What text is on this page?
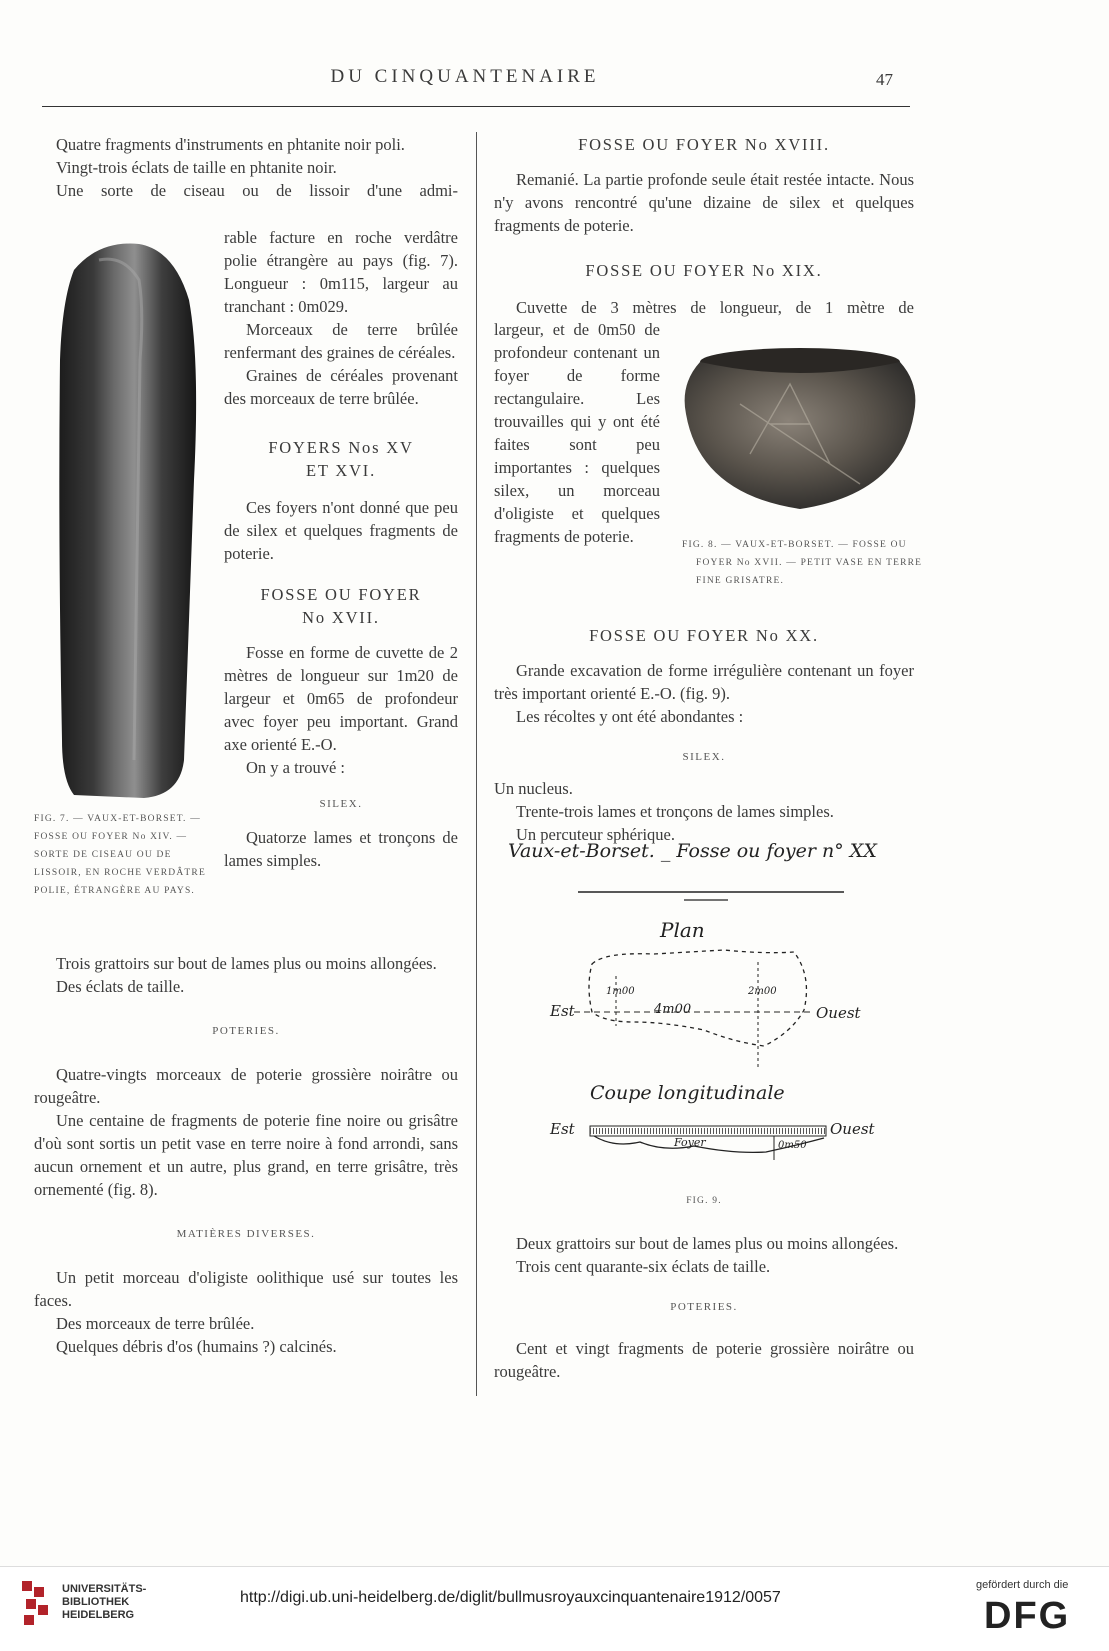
DU CINQUANTENAIRE	47

Quatre fragments d'instruments en phtanite noir poli.

Vingt-trois éclats de taille en phtanite noir.

Une sorte de ciseau ou de lissoir d'une admi-

rable facture en roche verdâtre polie étrangère au pays (fig. 7). Longueur : 0m115, largeur au tranchant : 0m029.

Morceaux de terre brûlée renfermant des graines de céréales.

Graines de céréales provenant des morceaux de terre brûlée.

FOYERS Nos XV
ET XVI.

Ces foyers n'ont donné que peu de silex et quelques fragments de poterie.

FOSSE OU FOYER
No XVII.

Fosse en forme de cuvette de 2 mètres de longueur sur 1m20 de largeur et 0m65 de profondeur avec foyer peu important. Grand axe orienté E.-O.

On y a trouvé :

SILEX.

Quatorze lames et tronçons de lames simples.

FIG. 7. — VAUX-ET-BORSET. — FOSSE OU FOYER No XIV. — SORTE DE CISEAU OU DE LISSOIR, EN ROCHE VERDÂTRE POLIE, ÉTRANGÈRE AU PAYS.

Trois grattoirs sur bout de lames plus ou moins allongées.

Des éclats de taille.

POTERIES.

Quatre-vingts morceaux de poterie grossière noirâtre ou rougeâtre.

Une centaine de fragments de poterie fine noire ou grisâtre d'où sont sortis un petit vase en terre noire à fond arrondi, sans aucun ornement et un autre, plus grand, en terre grisâtre, très ornementé (fig. 8).

MATIÈRES DIVERSES.

Un petit morceau d'oligiste oolithique usé sur toutes les faces.

Des morceaux de terre brûlée.

Quelques débris d'os (humains ?) calcinés.

FOSSE OU FOYER No XVIII.

Remanié. La partie profonde seule était restée intacte. Nous n'y avons rencontré qu'une dizaine de silex et quelques fragments de poterie.

FOSSE OU FOYER No XIX.

Cuvette de 3 mètres de longueur, de 1 mètre de

largeur, et de 0m50 de profondeur contenant un foyer de forme rectangulaire. Les trouvailles qui y ont été faites sont peu importantes : quelques silex, un morceau d'oligiste et quelques fragments de poterie.	FIG. 8. — VAUX-ET-BORSET. — FOSSE OU FOYER No XVII. — PETIT VASE EN TERRE FINE GRISATRE.
FOSSE OU FOYER No XX.

Grande excavation de forme irrégulière contenant un foyer très important orienté E.-O. (fig. 9).

Les récoltes y ont été abondantes :

SILEX.

Un nucleus.

Trente-trois lames et tronçons de lames simples.

Un percuteur sphérique.

Vaux-et-Borset. _ Fosse ou foyer n° XX
Plan
Est	Ouest
4m00
1m00	2m00
Coupe longitudinale
Est	Ouest
Foyer	0m50
FIG. 9.

Deux grattoirs sur bout de lames plus ou moins allongées.

Trois cent quarante-six éclats de taille.

POTERIES.

Cent et vingt fragments de poterie grossière noirâtre ou rougeâtre.

UNIVERSITÄTS-
BIBLIOTHEK
HEIDELBERG
http://digi.ub.uni-heidelberg.de/diglit/bullmusroyauxcinquantenaire1912/0057
gefördert durch die
DFG
